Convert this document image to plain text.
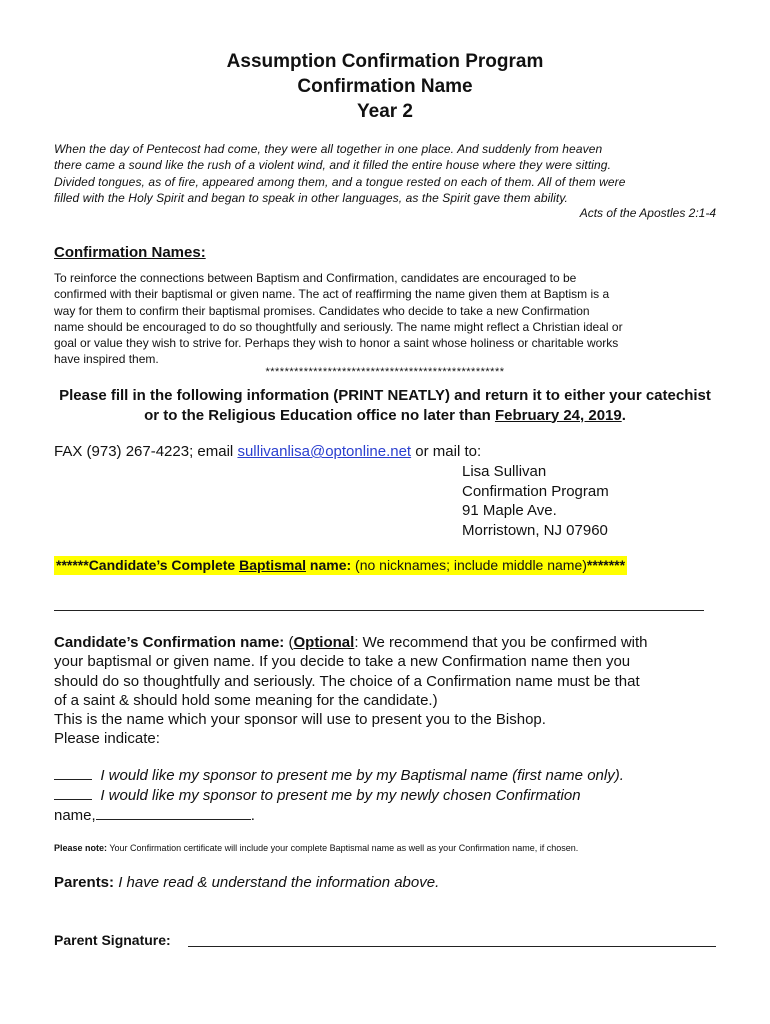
Assumption Confirmation Program
Confirmation Name
Year 2
When the day of Pentecost had come, they were all together in one place. And suddenly from heaven
there came a sound like the rush of a violent wind, and it filled the entire house where they were sitting.
Divided tongues, as of fire, appeared among them, and a tongue rested on each of them. All of them were
filled with the Holy Spirit and began to speak in other languages, as the Spirit gave them ability.
Acts of the Apostles 2:1-4
Confirmation Names:
To reinforce the connections between Baptism and Confirmation, candidates are encouraged to be
confirmed with their baptismal or given name. The act of reaffirming the name given them at Baptism is a
way for them to confirm their baptismal promises. Candidates who decide to take a new Confirmation
name should be encouraged to do so thoughtfully and seriously. The name might reflect a Christian ideal or
goal or value they wish to strive for. Perhaps they wish to honor a saint whose holiness or charitable works
have inspired them.
**************************************************
Please fill in the following information (PRINT NEATLY) and return it to either your catechist
or to the Religious Education office no later than February 24, 2019.
FAX (973) 267-4223; email sullivanlisa@optonline.net or mail to:
Lisa Sullivan
Confirmation Program
91 Maple Ave.
Morristown, NJ 07960
******Candidate’s Complete Baptismal name: (no nicknames; include middle name)*******
Candidate’s Confirmation name: (Optional: We recommend that you be confirmed with
your baptismal or given name. If you decide to take a new Confirmation name then you
should do so thoughtfully and seriously. The choice of a Confirmation name must be that
of a saint & should hold some meaning for the candidate.)
This is the name which your sponsor will use to present you to the Bishop.
Please indicate:
I would like my sponsor to present me by my Baptismal name (first name only).
I would like my sponsor to present me by my newly chosen Confirmation
name,	.
Please note: Your Confirmation certificate will include your complete Baptismal name as well as your Confirmation name, if chosen.
Parents: I have read & understand the information above.
Parent Signature:
